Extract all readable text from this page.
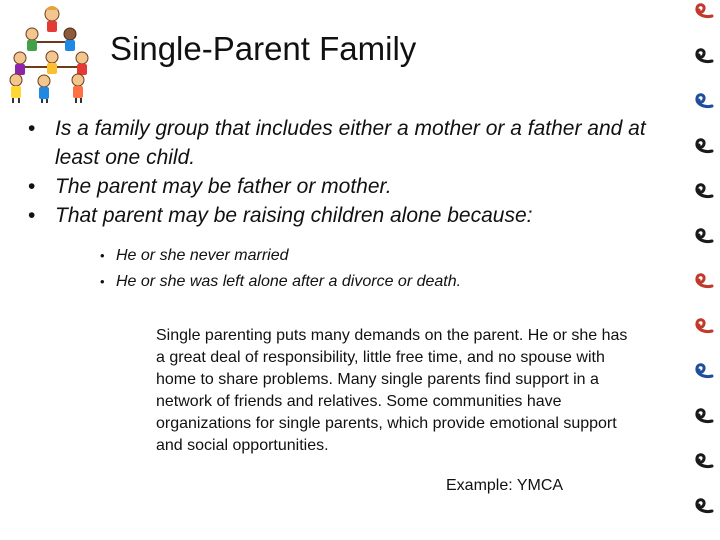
Single-Parent Family
• Is a family group that includes either a mother or a father and at least one child.
• The parent may be father or mother.
• That parent may be raising children alone because:
• He or she never married
• He or she was left alone after a divorce or death.
Single parenting puts many demands on the parent. He or she has a great deal of responsibility, little free time, and no spouse with home to share problems. Many single parents find support in a network of friends and relatives. Some communities have organizations for single parents, which provide emotional support and social opportunities.
Example: YMCA
